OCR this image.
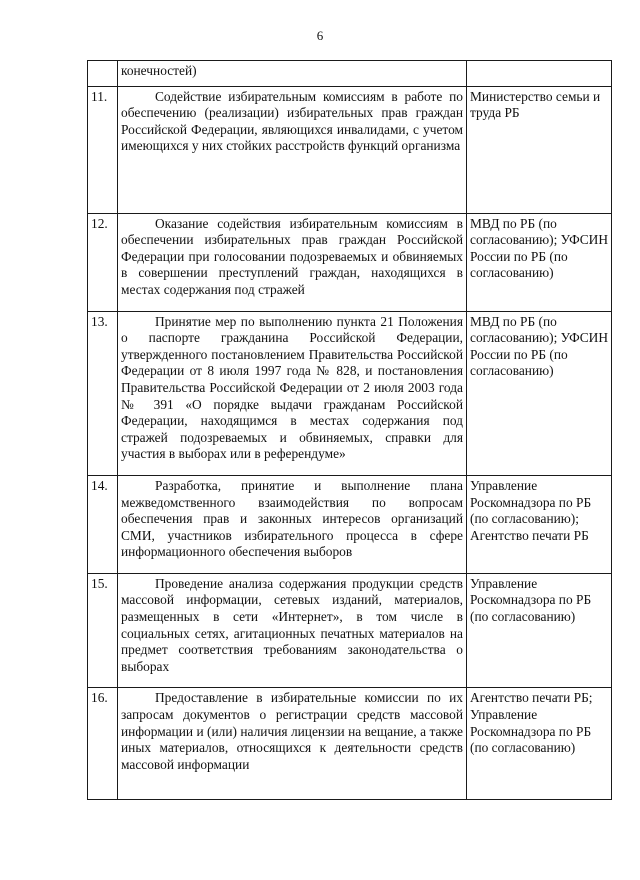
6
	конечностей)	
11.	Содействие избирательным комиссиям в работе по обеспечению (реализации) избирательных прав граждан Российской Федерации, являющихся инвалидами, с учетом имеющихся у них стойких расстройств функций организма	Министерство семьи и труда РБ
12.	Оказание содействия избирательным комиссиям в обеспечении избирательных прав граждан Российской Федерации при голосовании подозреваемых и обвиняемых в совершении преступлений граждан, находящихся в местах содержания под стражей	МВД по РБ (по согласованию); УФСИН России по РБ (по согласованию)
13.	Принятие мер по выполнению пункта 21 Положения о паспорте гражданина Российской Федерации, утвержденного постановлением Правительства Российской Федерации от 8 июля 1997 года № 828, и постановления Правительства Российской Федерации от 2 июля 2003 года № 391 «О порядке выдачи гражданам Российской Федерации, находящимся в местах содержания под стражей подозреваемых и обвиняемых, справки для участия в выборах или в референдуме»	МВД по РБ (по согласованию); УФСИН России по РБ (по согласованию)
14.	Разработка, принятие и выполнение плана межведомственного взаимодействия по вопросам обеспечения прав и законных интересов организаций СМИ, участников избирательного процесса в сфере информационного обеспечения выборов	Управление Роскомнадзора по РБ (по согласованию); Агентство печати РБ
15.	Проведение анализа содержания продукции средств массовой информации, сетевых изданий, материалов, размещенных в сети «Интернет», в том числе в социальных сетях, агитационных печатных материалов на предмет соответствия требованиям законодательства о выборах	Управление Роскомнадзора по РБ (по согласованию)
16.	Предоставление в избирательные комиссии по их запросам документов о регистрации средств массовой информации и (или) наличия лицензии на вещание, а также иных материалов, относящихся к деятельности средств массовой информации	Агентство печати РБ; Управление Роскомнадзора по РБ (по согласованию)
